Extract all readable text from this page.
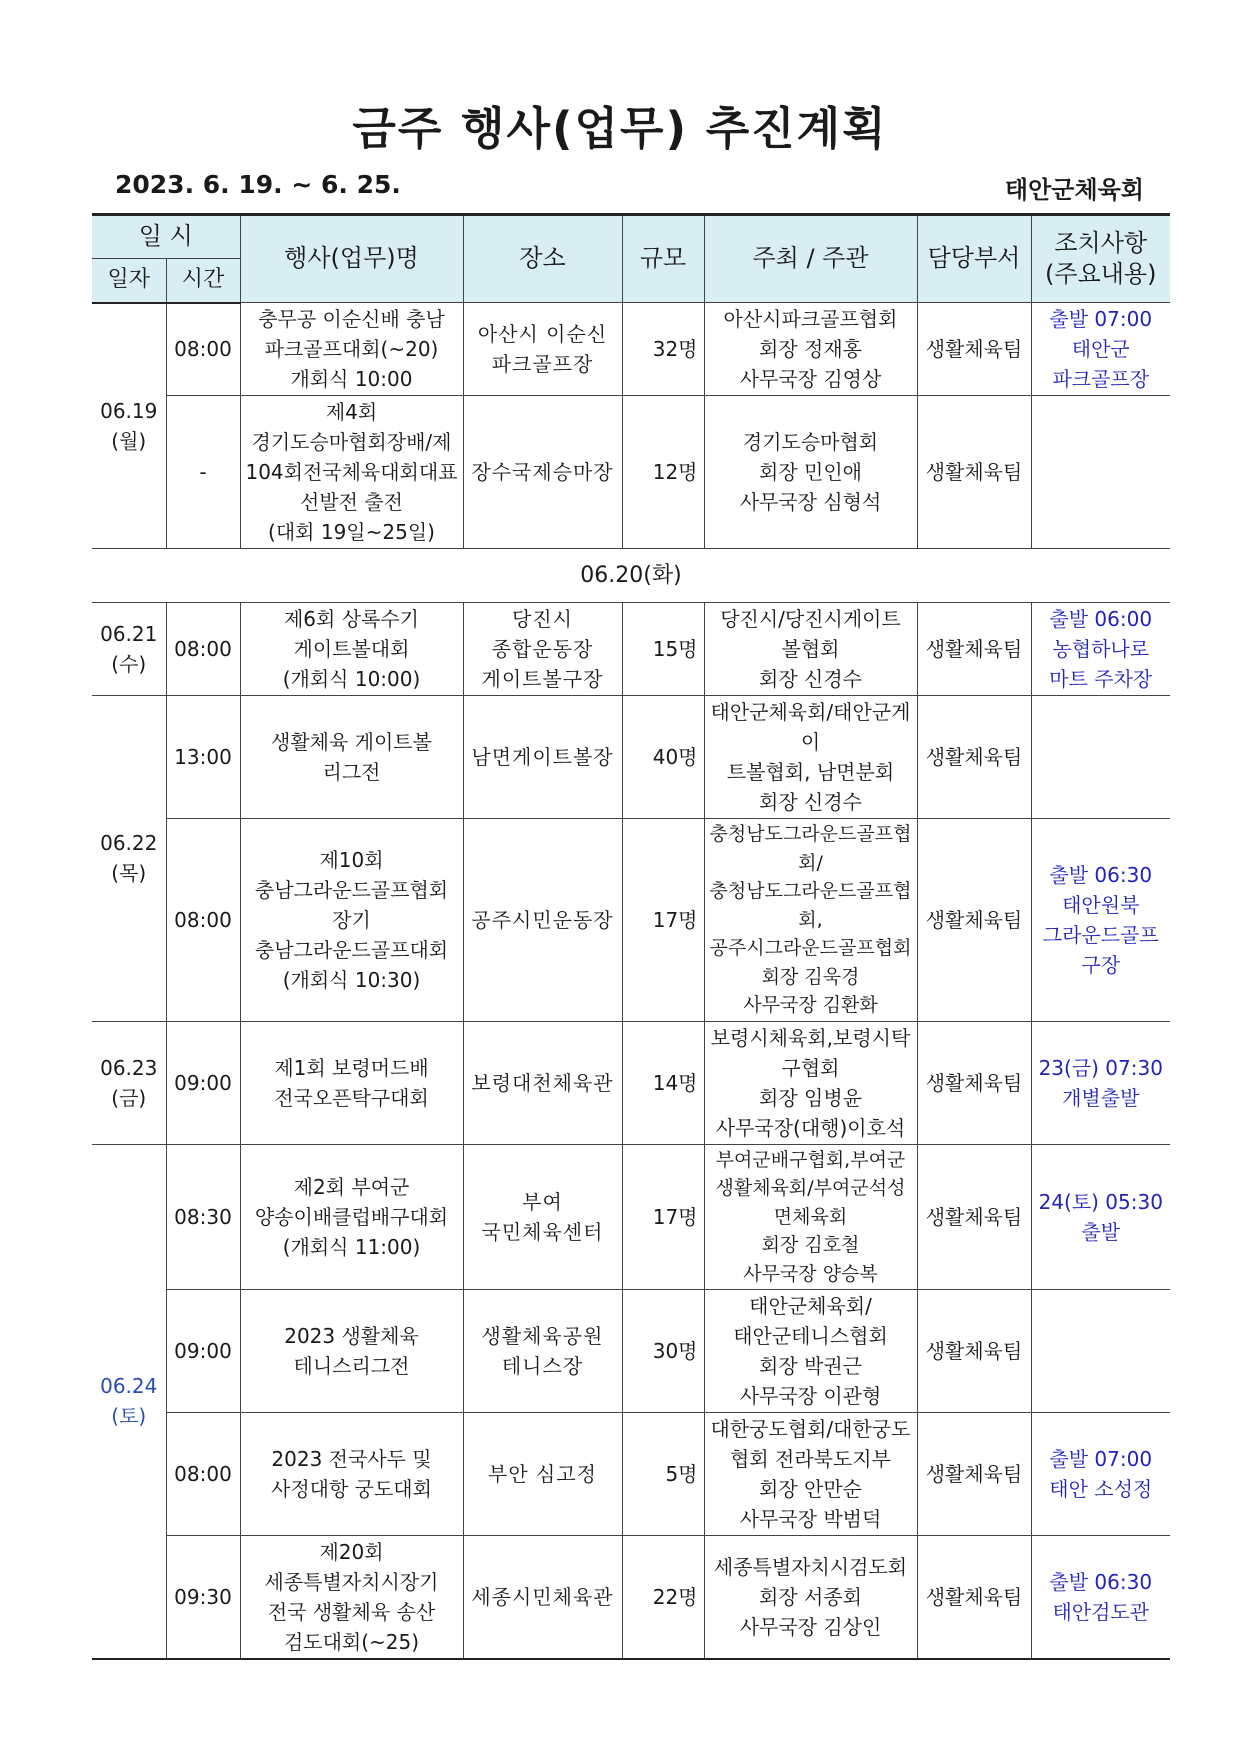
금주 행사(업무) 추진계획
2023. 6. 19. ~ 6. 25.	태안군체육회
일 시		행사(업무)명	장소	규모	주최 / 주관	담당부서	조치사항
(주요내용)

일자	시간						
06.19
(월)	08:00	충무공 이순신배 충남
파크골프대회(~20)
개회식 10:00	아산시 이순신
파크골프장	32명	아산시파크골프협회
회장 정재홍
사무국장 김영상	생활체육팀	출발 07:00
태안군
파크골프장
	-	제4회
경기도승마협회장배/제
104회전국체육대회대표
선발전 출전
(대회 19일~25일)	장수국제승마장	12명	경기도승마협회
회장 민인애
사무국장 심형석	생활체육팀	
06.20(화)							
06.21
(수)	08:00	제6회 상록수기
게이트볼대회
(개회식 10:00)	당진시
종합운동장
게이트볼구장	15명	당진시/당진시게이트
볼협회
회장 신경수	생활체육팀	출발 06:00
농협하나로
마트 주차장
06.22
(목)	13:00	생활체육 게이트볼
리그전	남면게이트볼장	40명	태안군체육회/태안군게이
트볼협회, 남면분회
회장 신경수	생활체육팀	
	08:00	제10회
충남그라운드골프협회
장기
충남그라운드골프대회
(개회식 10:30)	공주시민운동장	17명	충청남도그라운드골프협회/
충청남도그라운드골프협회,
공주시그라운드골프협회
회장 김욱경
사무국장 김환화	생활체육팀	출발 06:30
태안원북
그라운드골프
구장
06.23
(금)	09:00	제1회 보령머드배
전국오픈탁구대회	보령대천체육관	14명	보령시체육회,보령시탁
구협회
회장 임병윤
사무국장(대행)이호석	생활체육팀	23(금) 07:30
개별출발
06.24
(토)	08:30	제2회 부여군
양송이배클럽배구대회
(개회식 11:00)	부여
국민체육센터	17명	부여군배구협회,부여군
생활체육회/부여군석성
면체육회
회장 김호철
사무국장 양승복	생활체육팀	24(토) 05:30
출발
	09:00	2023 생활체육
테니스리그전	생활체육공원
테니스장	30명	태안군체육회/
태안군테니스협회
회장 박권근
사무국장 이관형	생활체육팀	
	08:00	2023 전국사두 및
사정대항 궁도대회	부안 심고정	5명	대한궁도협회/대한궁도
협회 전라북도지부
회장 안만순
사무국장 박범덕	생활체육팀	출발 07:00
태안 소성정
	09:30	제20회
세종특별자치시장기
전국 생활체육 송산
검도대회(~25)	세종시민체육관	22명	세종특별자치시검도회
회장 서종회
사무국장 김상인	생활체육팀	출발 06:30
태안검도관
